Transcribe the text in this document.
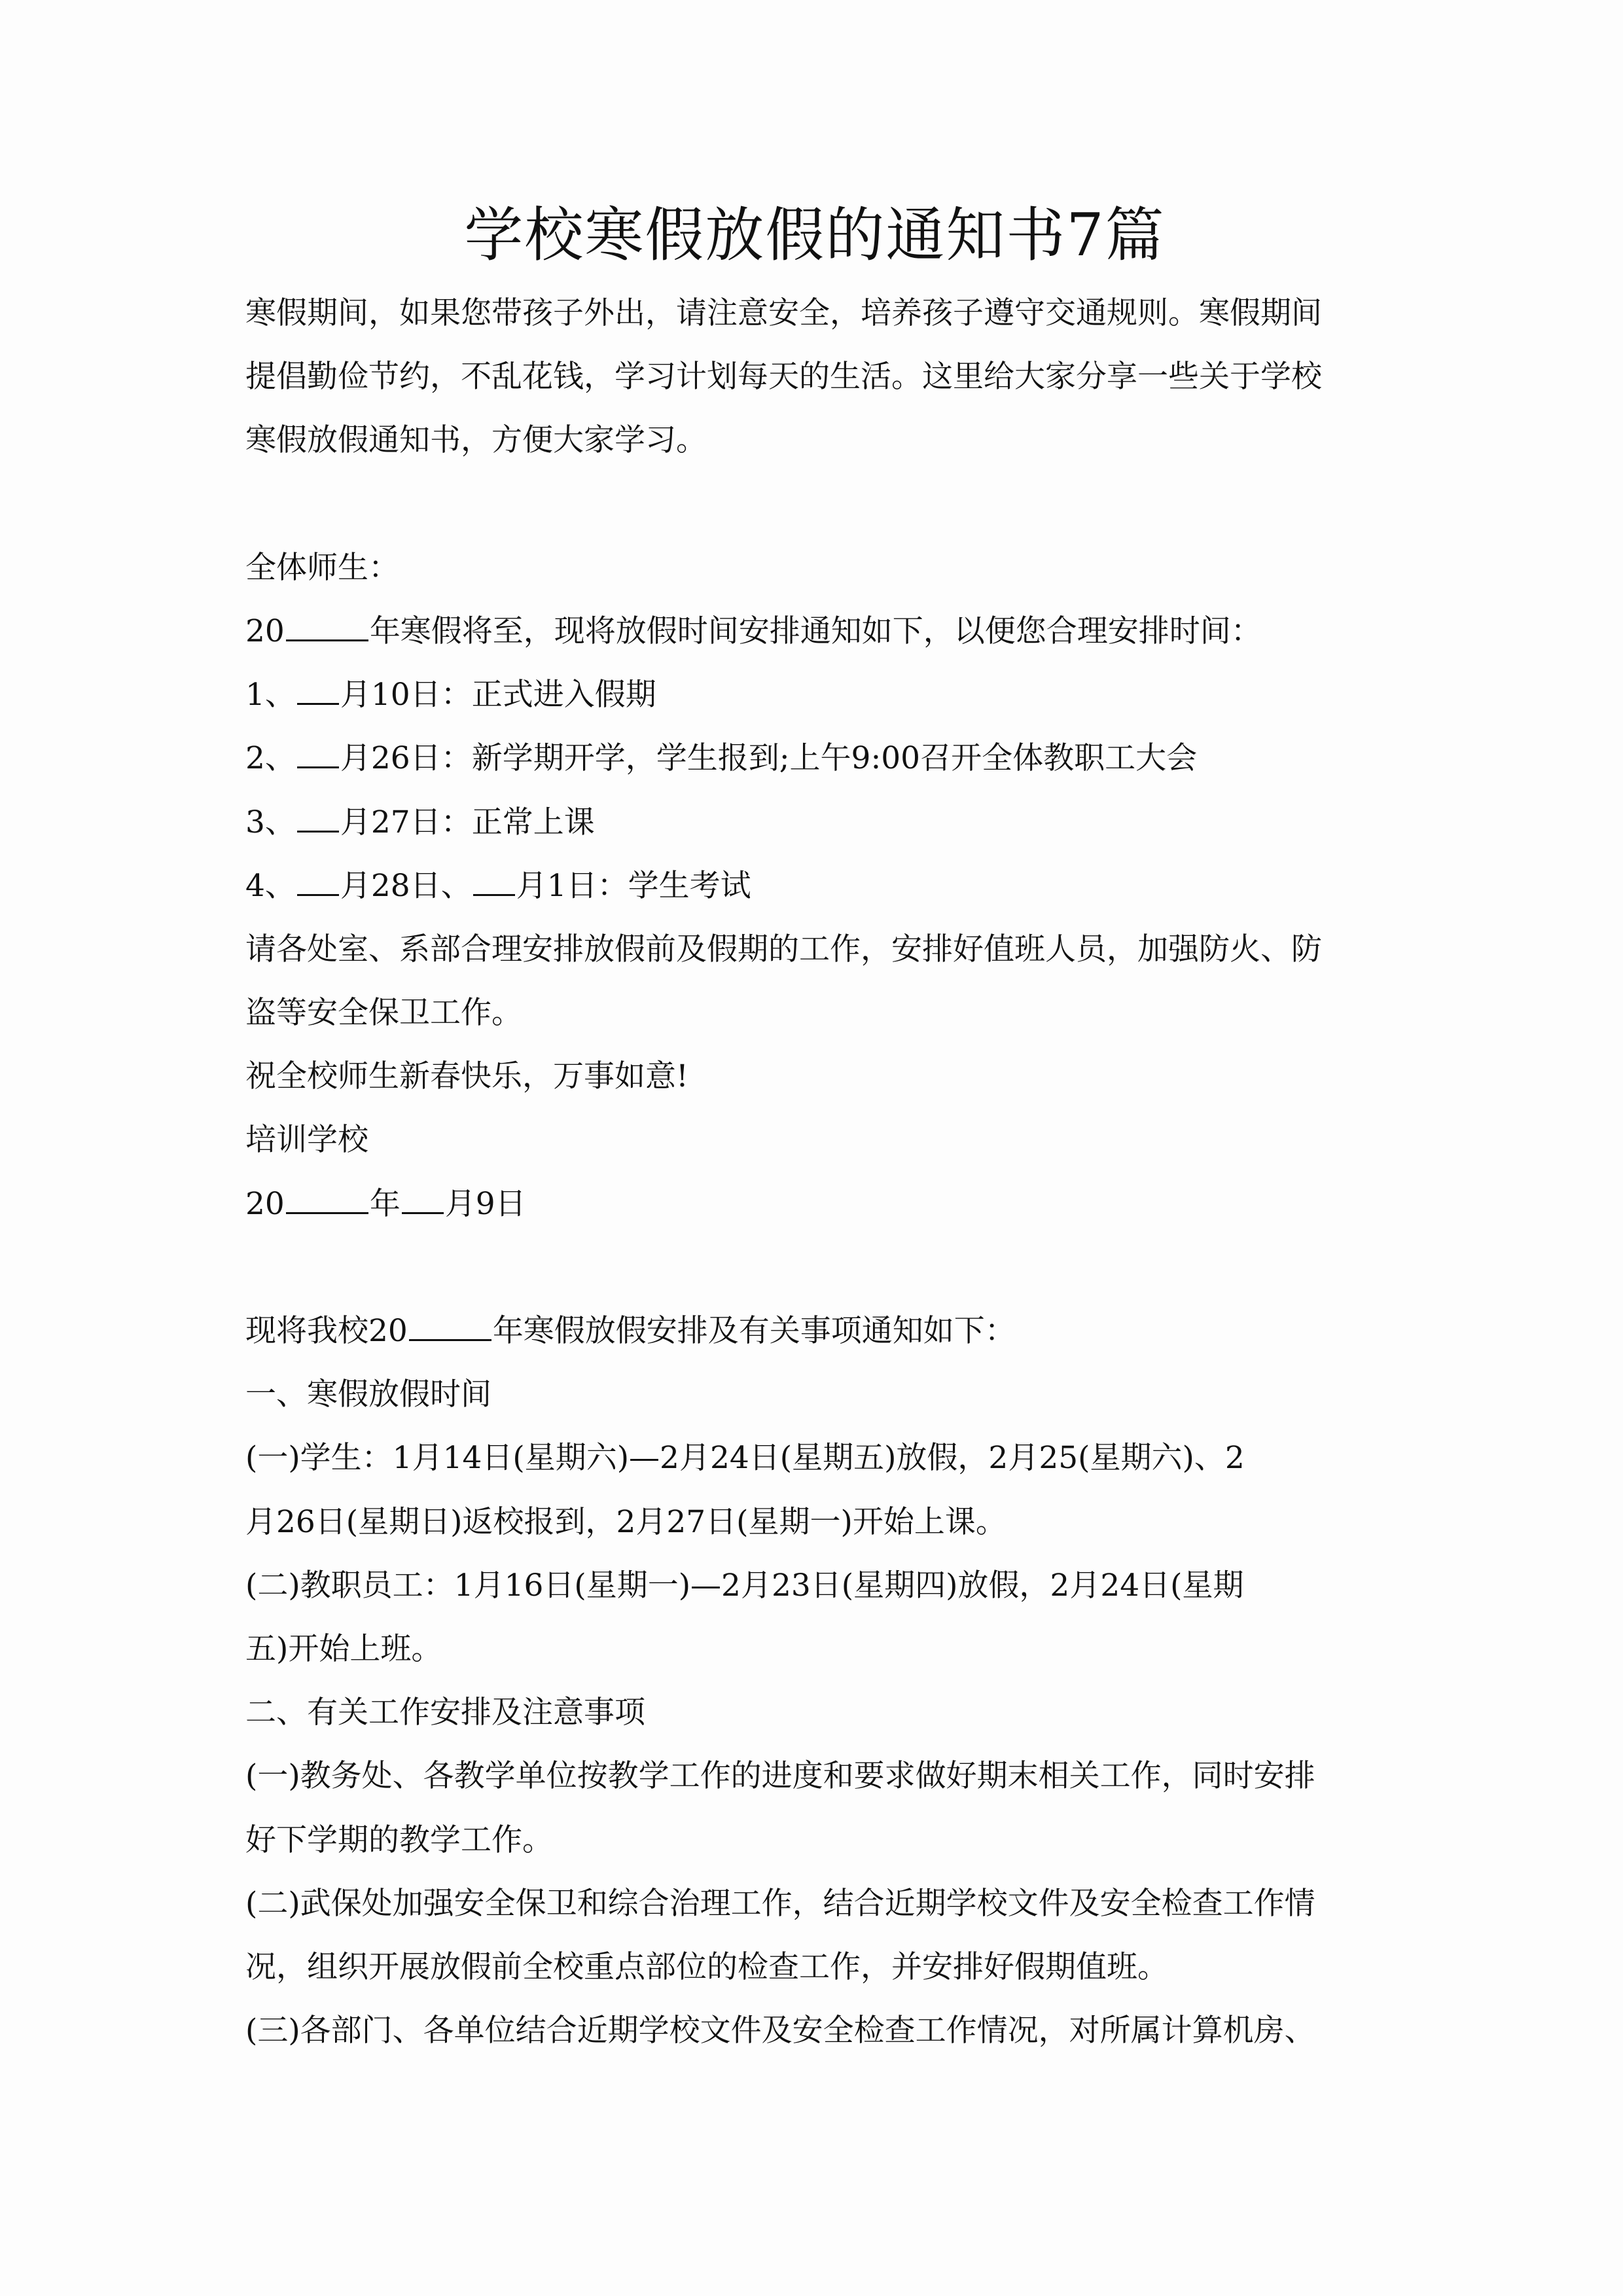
学校寒假放假的通知书7篇
寒假期间，如果您带孩子外出，请注意安全，培养孩子遵守交通规则。寒假期间
提倡勤俭节约，不乱花钱，学习计划每天的生活。这里给大家分享一些关于学校
寒假放假通知书，方便大家学习。
全体师生：
20	年寒假将至，现将放假时间安排通知如下，以便您合理安排时间：
1、 月10日：正式进入假期
2、 月26日：新学期开学，学生报到;上午9:00召开全体教职工大会
3、 月27日：正常上课
4、 月28日、 月1日：学生考试
请各处室、系部合理安排放假前及假期的工作，安排好值班人员，加强防火、防
盗等安全保卫工作。
祝全校师生新春快乐，万事如意!
培训学校
20	年 月9日
现将我校20	年寒假放假安排及有关事项通知如下：
一、寒假放假时间
(一)学生：1月14日(星期六)—2月24日(星期五)放假，2月25(星期六)、2
月26日(星期日)返校报到，2月27日(星期一)开始上课。
(二)教职员工：1月16日(星期一)—2月23日(星期四)放假，2月24日(星期
五)开始上班。
二、有关工作安排及注意事项
(一)教务处、各教学单位按教学工作的进度和要求做好期末相关工作，同时安排
好下学期的教学工作。
(二)武保处加强安全保卫和综合治理工作，结合近期学校文件及安全检查工作情
况，组织开展放假前全校重点部位的检查工作，并安排好假期值班。
(三)各部门、各单位结合近期学校文件及安全检查工作情况，对所属计算机房、
